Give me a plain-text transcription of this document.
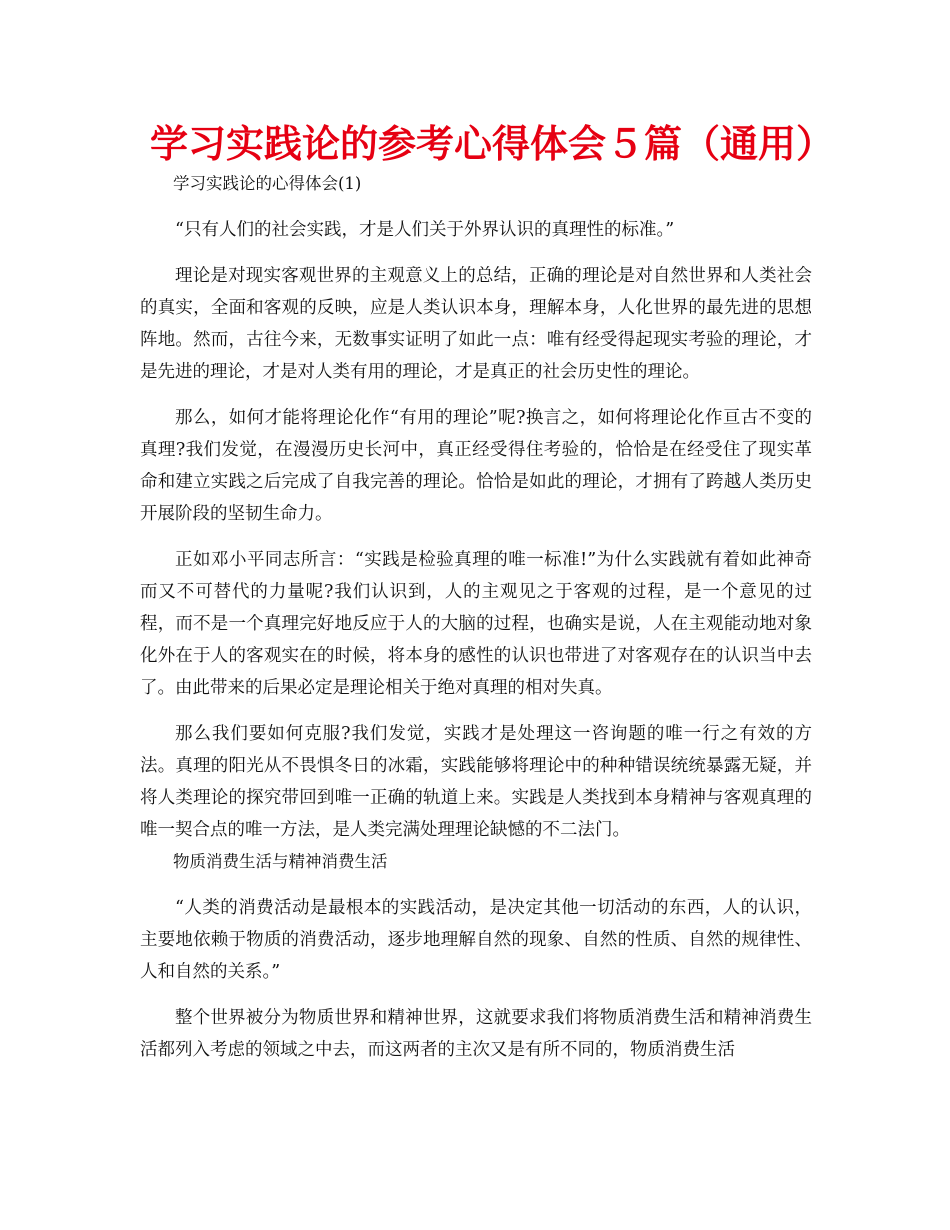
学习实践论的参考心得体会５篇（通用）

学习实践论的心得体会(1)

“只有人们的社会实践，才是人们关于外界认识的真理性的标准。”

理论是对现实客观世界的主观意义上的总结，正确的理论是对自然世界和人类社会的真实，全面和客观的反映，应是人类认识本身，理解本身，人化世界的最先进的思想阵地。然而，古往今来，无数事实证明了如此一点：唯有经受得起现实考验的理论，才是先进的理论，才是对人类有用的理论，才是真正的社会历史性的理论。

那么，如何才能将理论化作“有用的理论”呢?换言之，如何将理论化作亘古不变的真理?我们发觉，在漫漫历史长河中，真正经受得住考验的，恰恰是在经受住了现实革命和建立实践之后完成了自我完善的理论。恰恰是如此的理论，才拥有了跨越人类历史开展阶段的坚韧生命力。

正如邓小平同志所言：“实践是检验真理的唯一标准!”为什么实践就有着如此神奇而又不可替代的力量呢?我们认识到，人的主观见之于客观的过程，是一个意见的过程，而不是一个真理完好地反应于人的大脑的过程，也确实是说，人在主观能动地对象化外在于人的客观实在的时候，将本身的感性的认识也带进了对客观存在的认识当中去了。由此带来的后果必定是理论相关于绝对真理的相对失真。

那么我们要如何克服?我们发觉，实践才是处理这一咨询题的唯一行之有效的方法。真理的阳光从不畏惧冬日的冰霜，实践能够将理论中的种种错误统统暴露无疑，并将人类理论的探究带回到唯一正确的轨道上来。实践是人类找到本身精神与客观真理的唯一契合点的唯一方法，是人类完满处理理论缺憾的不二法门。

物质消费生活与精神消费生活

“人类的消费活动是最根本的实践活动，是决定其他一切活动的东西，人的认识，主要地依赖于物质的消费活动，逐步地理解自然的现象、自然的性质、自然的规律性、人和自然的关系。”

整个世界被分为物质世界和精神世界，这就要求我们将物质消费生活和精神消费生活都列入考虑的领域之中去，而这两者的主次又是有所不同的，物质消费生活
